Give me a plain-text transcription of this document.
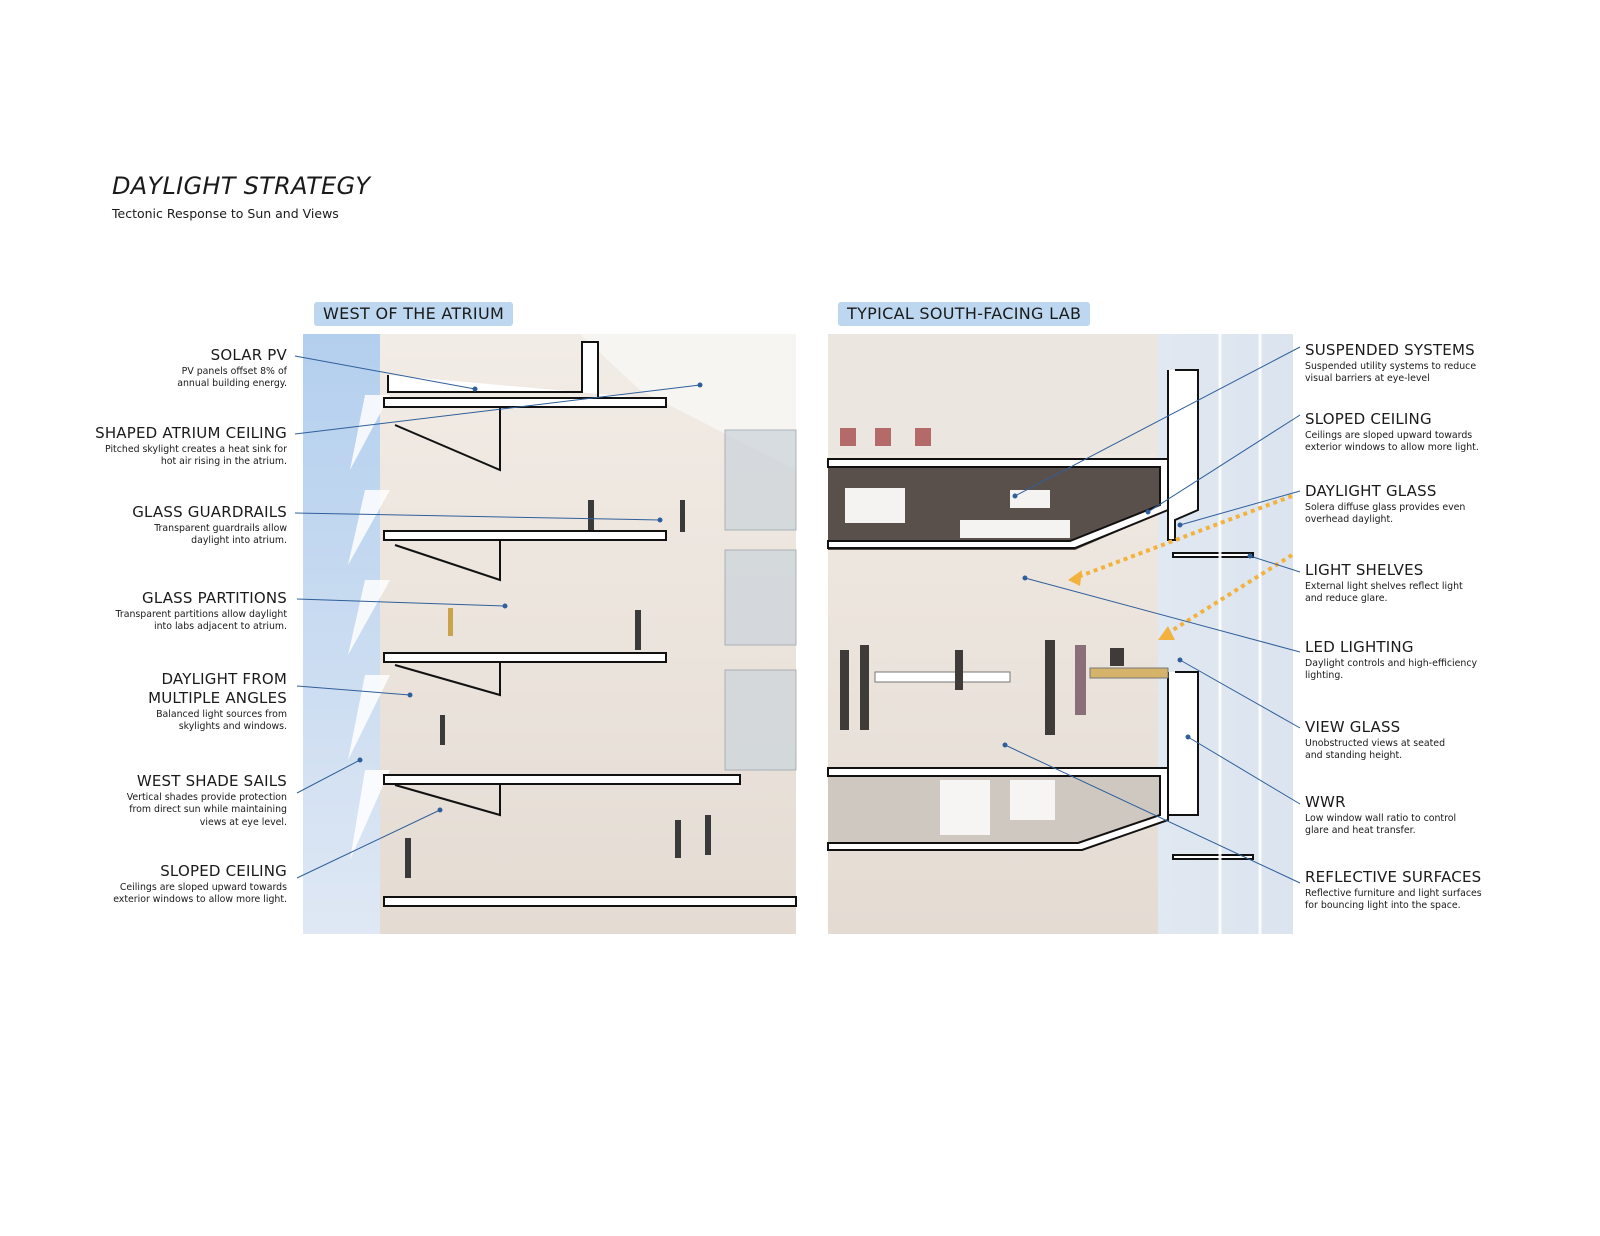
DAYLIGHT STRATEGY
Tectonic Response to Sun and Views
WEST OF THE ATRIUM	TYPICAL SOUTH-FACING LAB
SOLAR PV
PV panels offset 8% of
annual building energy.
SHAPED ATRIUM CEILING
Pitched skylight creates a heat sink for
hot air rising in the atrium.
GLASS GUARDRAILS
Transparent guardrails allow
daylight into atrium.
GLASS PARTITIONS
Transparent partitions allow daylight
into labs adjacent to atrium.
DAYLIGHT FROM
MULTIPLE ANGLES
Balanced light sources from
skylights and windows.
WEST SHADE SAILS
Vertical shades provide protection
from direct sun while maintaining
views at eye level.
SLOPED CEILING
Ceilings are sloped upward towards
exterior windows to allow more light.
SUSPENDED SYSTEMS
Suspended utility systems to reduce
visual barriers at eye-level
SLOPED CEILING
Ceilings are sloped upward towards
exterior windows to allow more light.
DAYLIGHT GLASS
Solera diffuse glass provides even
overhead daylight.
LIGHT SHELVES
External light shelves reflect light
and reduce glare.
LED LIGHTING
Daylight controls and high-efficiency
lighting.
VIEW GLASS
Unobstructed views at seated
and standing height.
WWR
Low window wall ratio to control
glare and heat transfer.
REFLECTIVE SURFACES
Reflective furniture and light surfaces
for bouncing light into the space.
